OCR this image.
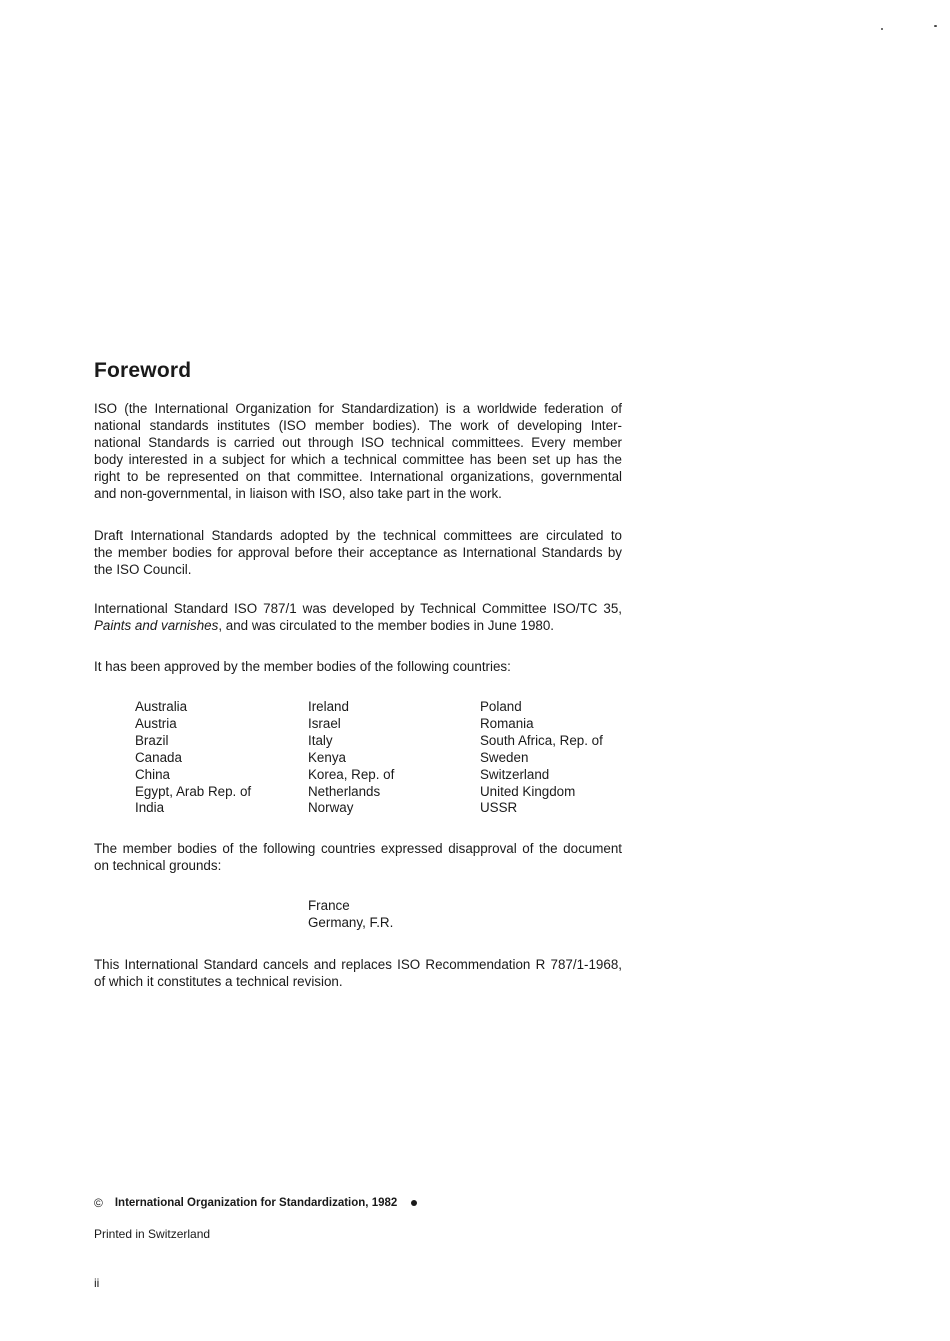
Foreword

ISO (the International Organization for Standardization) is a worldwide federation of
national standards institutes (ISO member bodies). The work of developing Inter-
national Standards is carried out through ISO technical committees. Every member
body interested in a subject for which a technical committee has been set up has the
right to be represented on that committee. International organizations, governmental
and non-governmental, in liaison with ISO, also take part in the work.

Draft International Standards adopted by the technical committees are circulated to
the member bodies for approval before their acceptance as International Standards by
the ISO Council.

International Standard ISO 787/1 was developed by Technical Committee ISO/TC 35,
Paints and varnishes, and was circulated to the member bodies in June 1980.

It has been approved by the member bodies of the following countries:

Australia
Austria
Brazil
Canada
China
Egypt, Arab Rep. of
India
Ireland
Israel
Italy
Kenya
Korea, Rep. of
Netherlands
Norway
Poland
Romania
South Africa, Rep. of
Sweden
Switzerland
United Kingdom
USSR

The member bodies of the following countries expressed disapproval of the document
on technical grounds:

France
Germany, F.R.

This International Standard cancels and replaces ISO Recommendation R 787/1-1968,
of which it constitutes a technical revision.

© International Organization for Standardization, 1982
Printed in Switzerland
ii
